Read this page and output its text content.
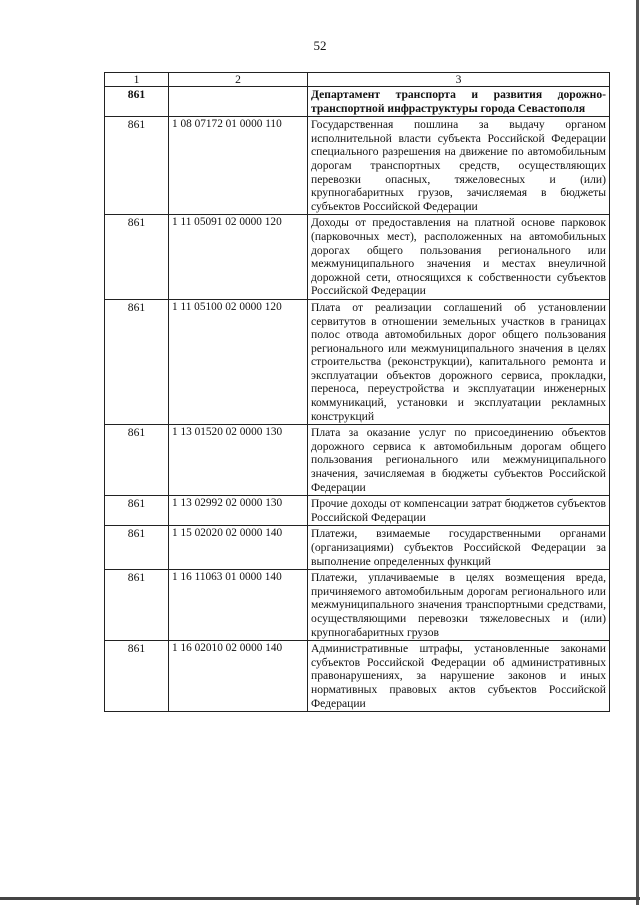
52
1	2	3
861		Департамент транспорта и развития дорожно-транспортной инфраструктуры города Севастополя
861	1 08 07172 01 0000 110	Государственная пошлина за выдачу органом исполнительной власти субъекта Российской Федерации специального разрешения на движение по автомобильным дорогам транспортных средств, осуществляющих перевозки опасных, тяжеловесных и (или) крупногабаритных грузов, зачисляемая в бюджеты субъектов Российской Федерации
861	1 11 05091 02 0000 120	Доходы от предоставления на платной основе парковок (парковочных мест), расположенных на автомобильных дорогах общего пользования регионального или межмуниципального значения и местах внеуличной дорожной сети, относящихся к собственности субъектов Российской Федерации
861	1 11 05100 02 0000 120	Плата от реализации соглашений об установлении сервитутов в отношении земельных участков в границах полос отвода автомобильных дорог общего пользования регионального или межмуниципального значения в целях строительства (реконструкции), капитального ремонта и эксплуатации объектов дорожного сервиса, прокладки, переноса, переустройства и эксплуатации инженерных коммуникаций, установки и эксплуатации рекламных конструкций
861	1 13 01520 02 0000 130	Плата за оказание услуг по присоединению объектов дорожного сервиса к автомобильным дорогам общего пользования регионального или межмуниципального значения, зачисляемая в бюджеты субъектов Российской Федерации
861	1 13 02992 02 0000 130	Прочие доходы от компенсации затрат бюджетов субъектов Российской Федерации
861	1 15 02020 02 0000 140	Платежи, взимаемые государственными органами (организациями) субъектов Российской Федерации за выполнение определенных функций
861	1 16 11063 01 0000 140	Платежи, уплачиваемые в целях возмещения вреда, причиняемого автомобильным дорогам регионального или межмуниципального значения транспортными средствами, осуществляющими перевозки тяжеловесных и (или) крупногабаритных грузов
861	1 16 02010 02 0000 140	Административные штрафы, установленные законами субъектов Российской Федерации об административных правонарушениях, за нарушение законов и иных нормативных правовых актов субъектов Российской Федерации
